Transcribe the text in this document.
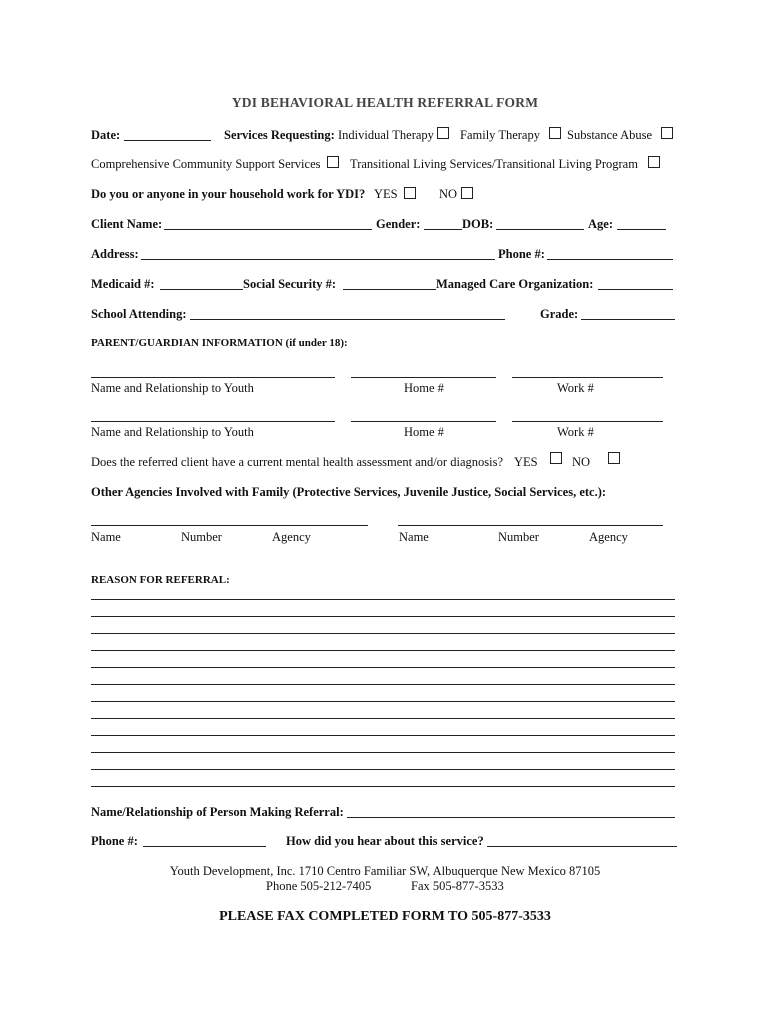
YDI BEHAVIORAL HEALTH REFERRAL FORM
Date:	Services Requesting: Individual Therapy Family Therapy Substance Abuse
Comprehensive Community Support Services Transitional Living Services/Transitional Living Program
Do you or anyone in your household work for YDI? YES	NO
Client Name:	Gender:	DOB:	Age:
Address:	Phone #:
Medicaid #:	Social Security #:	Managed Care Organization:
School Attending:	Grade:
PARENT/GUARDIAN INFORMATION (if under 18):
Name and Relationship to Youth	Home #	Work #
Name and Relationship to Youth	Home #	Work #
Does the referred client have a current mental health assessment and/or diagnosis? YES	NO
Other Agencies Involved with Family (Protective Services, Juvenile Justice, Social Services, etc.):
Name	Number	Agency	Name	Number	Agency
REASON FOR REFERRAL:
Name/Relationship of Person Making Referral:
Phone #:	How did you hear about this service?
Youth Development, Inc. 1710 Centro Familiar SW, Albuquerque New Mexico 87105
Phone 505-212-7405	Fax 505-877-3533
PLEASE FAX COMPLETED FORM TO 505-877-3533
